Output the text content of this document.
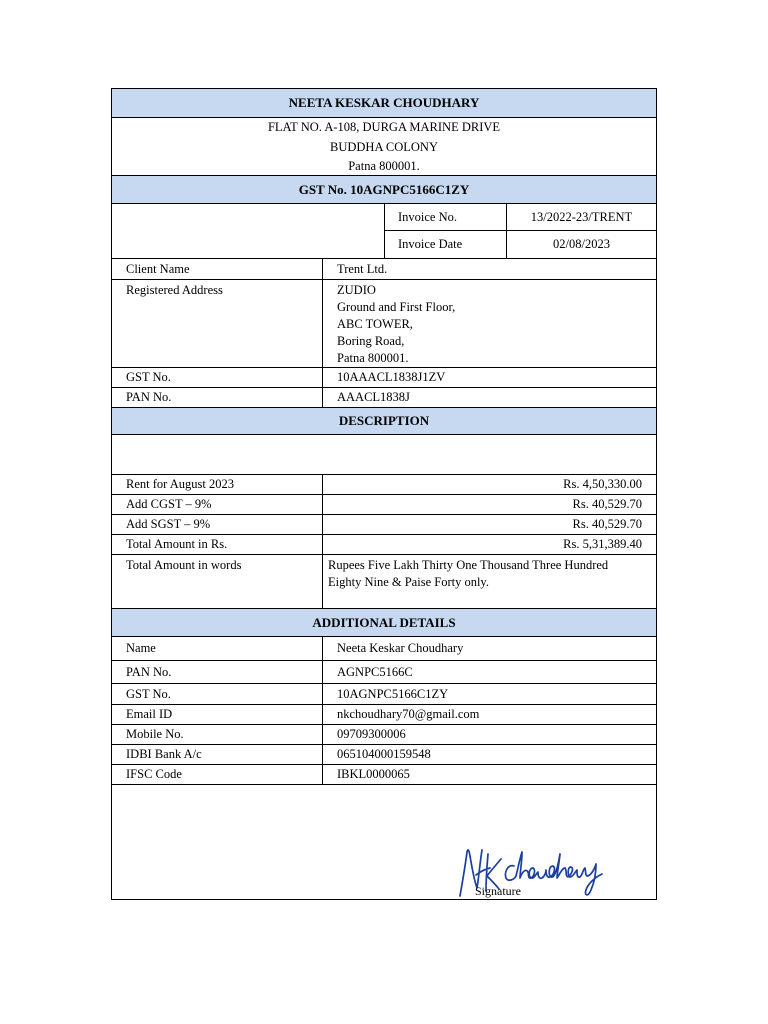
NEETA KESKAR CHOUDHARY
FLAT NO. A-108, DURGA MARINE DRIVE
BUDDHA COLONY
Patna 800001.
GST No. 10AGNPC5166C1ZY
Invoice No.	13/2022-23/TRENT
Invoice Date	02/08/2023
Client Name	Trent Ltd.
Registered Address	ZUDIO
Ground and First Floor,
ABC TOWER,
Boring Road,
Patna 800001.
GST No.	10AAACL1838J1ZV
PAN No.	AAACL1838J
DESCRIPTION
Rent for August 2023	Rs. 4,50,330.00
Add CGST – 9%	Rs. 40,529.70
Add SGST – 9%	Rs. 40,529.70
Total Amount in Rs.	Rs. 5,31,389.40
Total Amount in words	Rupees Five Lakh Thirty One Thousand Three Hundred Eighty Nine & Paise Forty only.
ADDITIONAL DETAILS
Name	Neeta Keskar Choudhary
PAN No.	AGNPC5166C
GST No.	10AGNPC5166C1ZY
Email ID	nkchoudhary70@gmail.com
Mobile No.	09709300006
IDBI Bank A/c	065104000159548
IFSC Code	IBKL0000065
Signature
